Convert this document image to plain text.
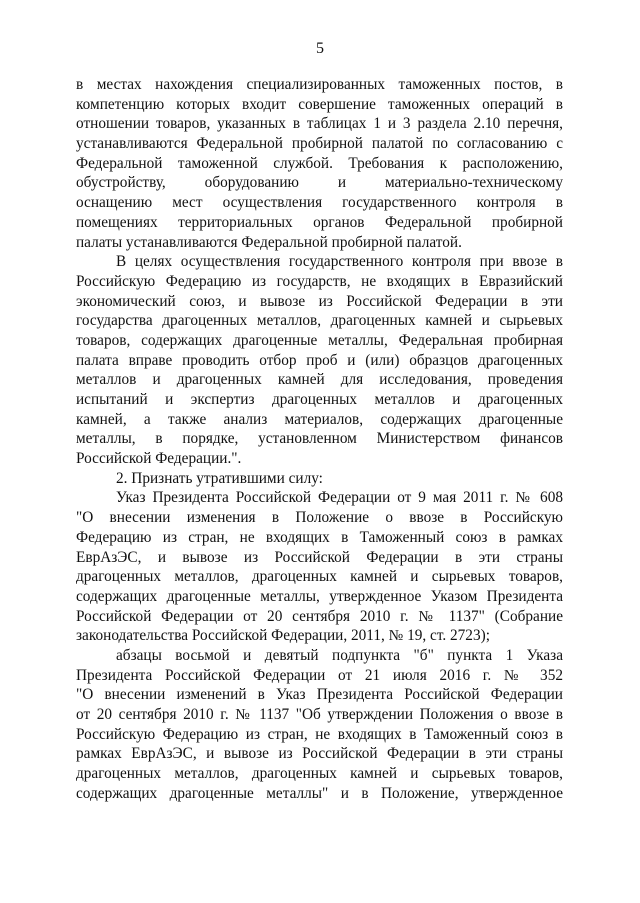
5
в местах нахождения специализированных таможенных постов, в
компетенцию которых входит совершение таможенных операций в
отношении товаров, указанных в таблицах 1 и 3 раздела 2.10 перечня,
устанавливаются Федеральной пробирной палатой по согласованию с
Федеральной таможенной службой. Требования к расположению,
обустройству, оборудованию и материально-техническому
оснащению мест осуществления государственного контроля в
помещениях территориальных органов Федеральной пробирной
палаты устанавливаются Федеральной пробирной палатой.
В целях осуществления государственного контроля при ввозе в
Российскую Федерацию из государств, не входящих в Евразийский
экономический союз, и вывозе из Российской Федерации в эти
государства драгоценных металлов, драгоценных камней и сырьевых
товаров, содержащих драгоценные металлы, Федеральная пробирная
палата вправе проводить отбор проб и (или) образцов драгоценных
металлов и драгоценных камней для исследования, проведения
испытаний и экспертиз драгоценных металлов и драгоценных
камней, а также анализ материалов, содержащих драгоценные
металлы, в порядке, установленном Министерством финансов
Российской Федерации.".
2. Признать утратившими силу:
Указ Президента Российской Федерации от 9 мая 2011 г. № 608
"О внесении изменения в Положение о ввозе в Российскую
Федерацию из стран, не входящих в Таможенный союз в рамках
ЕврАзЭС, и вывозе из Российской Федерации в эти страны
драгоценных металлов, драгоценных камней и сырьевых товаров,
содержащих драгоценные металлы, утвержденное Указом Президента
Российской Федерации от 20 сентября 2010 г. № 1137" (Собрание
законодательства Российской Федерации, 2011, № 19, ст. 2723);
абзацы восьмой и девятый подпункта "б" пункта 1 Указа
Президента Российской Федерации от 21 июля 2016 г. № 352
"О внесении изменений в Указ Президента Российской Федерации
от 20 сентября 2010 г. № 1137 "Об утверждении Положения о ввозе в
Российскую Федерацию из стран, не входящих в Таможенный союз в
рамках ЕврАзЭС, и вывозе из Российской Федерации в эти страны
драгоценных металлов, драгоценных камней и сырьевых товаров,
содержащих драгоценные металлы" и в Положение, утвержденное
